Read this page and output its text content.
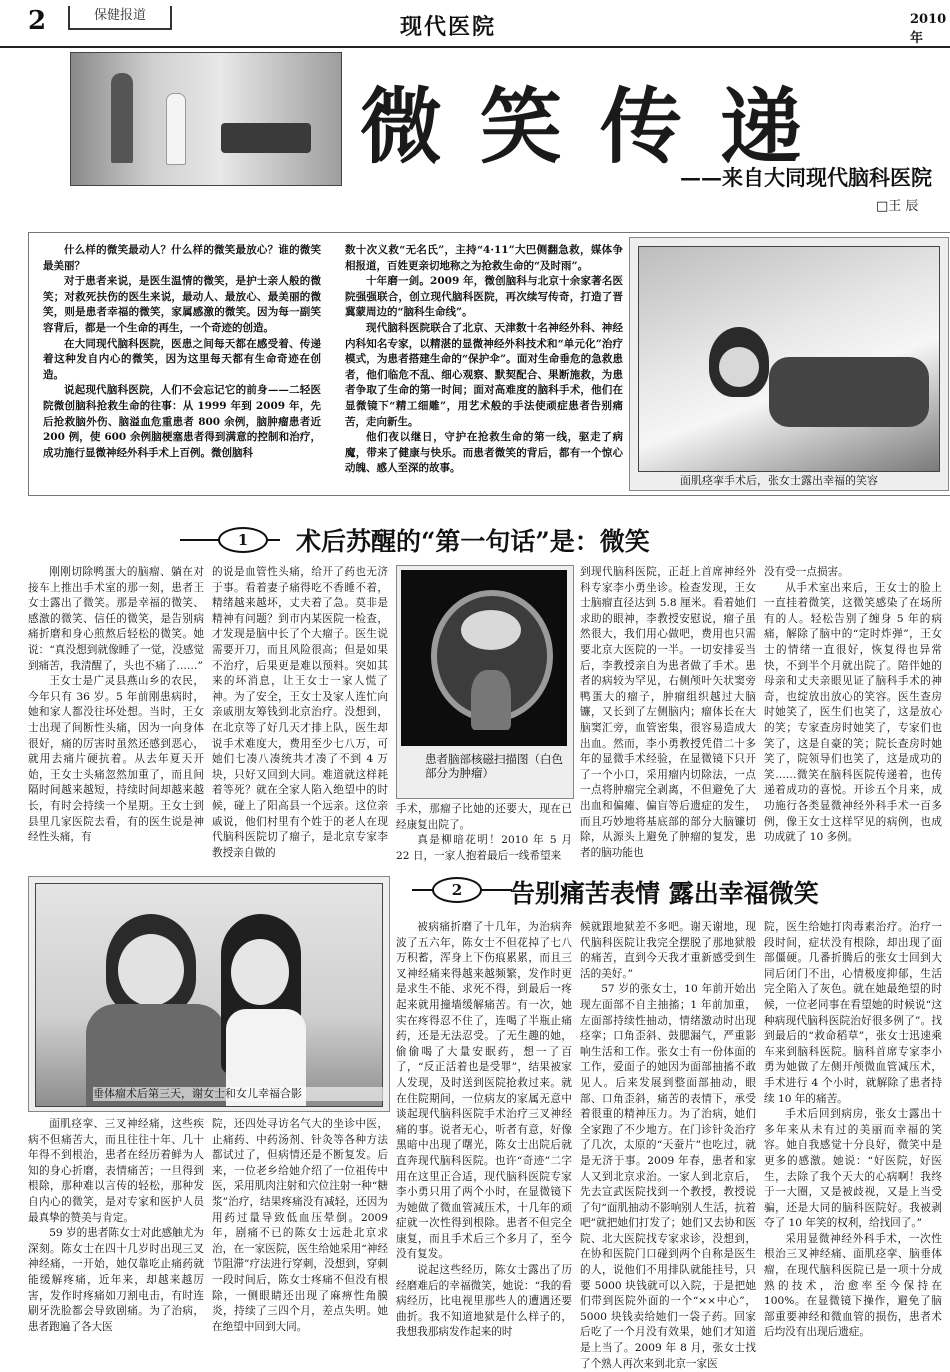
2	保健报道	现代医院	2010 年
微笑传递
——来自大同现代脑科医院
□王 辰

什么样的微笑最动人？什么样的微笑最放心？谁的微笑最美丽？

对于患者来说，是医生温情的微笑，是护士亲人般的微笑；对救死扶伤的医生来说，最动人、最放心、最美丽的微笑，则是患者幸福的微笑，家属感激的微笑。因为每一副笑容背后，都是一个生命的再生，一个奇迹的创造。

在大同现代脑科医院，医患之间每天都在感受着、传递着这种发自内心的微笑，因为这里每天都有生命奇迹在创造。

说起现代脑科医院，人们不会忘记它的前身——二轻医院微创脑科抢救生命的往事：从 1999 年到 2009 年，先后抢救脑外伤、脑溢血危重患者 800 余例，脑肿瘤患者近 200 例，使 600 余例脑梗塞患者得到满意的控制和治疗，成功施行显微神经外科手术上百例。微创脑科

数十次义救“无名氏”，主持“4·11”大巴侧翻急救，媒体争相报道，百姓更亲切地称之为抢救生命的“及时雨”。

十年磨一剑。2009 年，微创脑科与北京十余家著名医院强强联合，创立现代脑科医院，再次续写传奇，打造了晋冀蒙周边的“脑科生命线”。

现代脑科医院联合了北京、天津数十名神经外科、神经内科知名专家，以精湛的显微神经外科技术和“单元化”治疗模式，为患者搭建生命的“保护伞”。面对生命垂危的急救患者，他们临危不乱、细心观察、默契配合、果断施救，为患者争取了生命的第一时间；面对高难度的脑科手术，他们在显微镜下“精工细雕”，用艺术般的手法使顽症患者告别痛苦，走向新生。

他们夜以继日，守护在抢救生命的第一线，驱走了病魔，带来了健康与快乐。而患者微笑的背后，都有一个惊心动魄、感人至深的故事。

面肌痉挛手术后，张女士露出幸福的笑容
1	术后苏醒的“第一句话”是：微笑

刚刚切除鸭蛋大的脑瘤、躺在对接车上推出手术室的那一刻，患者王女士露出了微笑。那是幸福的微笑、感激的微笑、信任的微笑，是告别病痛折磨和身心煎熬后轻松的微笑。她说：“真没想到就像睡了一觉，没感觉到痛苦，我清醒了，头也不痛了……”

王女士是广灵县燕山乡的农民，今年只有 36 岁。5 年前刚患病时，她和家人都没往坏处想。当时，王女士出现了间断性头痛，因为一向身体很好，痛的厉害时虽然还感到恶心，就用去痛片硬抗着。从去年夏天开始，王女士头痛忽然加重了，而且间隔时间越来越短，持续时间却越来越长，有时会持续一个星期。王女士到县里几家医院去看，有的医生说是神经性头痛，有

的说是血管性头痛，给开了药也无济于事。看着妻子痛得吃不香睡不着，精绪越来越坏，丈夫着了急。莫非是精神有问题？到市内某医院一检查，才发现是脑中长了个大瘤子。医生说需要开刀，而且风险很高；但是如果不治疗，后果更是难以预料。突如其来的坏消息，让王女士一家人慌了神。为了安全，王女士及家人连忙向亲戚朋友筹钱到北京治疗。没想到，在北京等了好几天才排上队，医生却说手术难度大，费用至少七八万，可她们七凑八凑统共才凑了不到 4 万块，只好又回到大同。难道就这样耗着等死？就在全家人陷入绝望中的时候，碰上了阳高县一个远亲。这位亲戚说，他们村里有个姓于的老人在现代脑科医院切了瘤子，是北京专家李教授亲自做的

患者脑部核磁扫描图（白色部分为肿瘤）

手术，那瘤子比她的还要大，现在已经康复出院了。

真是柳暗花明！2010 年 5 月 22 日，一家人抱着最后一线希望来

到现代脑科医院，正赶上首席神经外科专家李小勇坐诊。检查发现，王女士脑瘤直径达到 5.8 厘米。看着她们求助的眼神，李教授安慰说，瘤子虽然很大，我们用心做吧，费用也只需要北京大医院的一半。一切安排妥当后，李教授亲自为患者做了手术。患者的病较为罕见，右侧颅叶矢状窦旁鸭蛋大的瘤子，肿瘤组织越过大脑镰，又长到了左侧脑内；瘤体长在大脑窦汇旁，血管密集，很容易造成大出血。然而，李小勇教授凭借二十多年的显微手术经验，在显微镜下只开了一个小口，采用瘤内切除法，一点一点将肿瘤完全剥离，不但避免了大出血和偏瘫、偏盲等后遗症的发生，而且巧妙地将基底部的部分大脑镰切除，从源头上避免了肿瘤的复发，患者的脑功能也

没有受一点损害。

从手术室出来后，王女士的脸上一直挂着微笑，这微笑感染了在场所有的人。轻松告别了缠身 5 年的病痛，解除了脑中的“定时炸弹”，王女士的情绪一直很好，恢复得也异常快，不到半个月就出院了。陪伴她的母亲和丈夫亲眼见证了脑科手术的神奇，也绽放出放心的笑容。医生查房时她笑了，医生们也笑了，这是放心的笑；专家查房时她笑了，专家们也笑了，这是自豪的笑；院长查房时她笑了，院领导们也笑了，这是成功的笑……微笑在脑科医院传递着，也传递着成功的喜悦。开诊五个月来，成功施行各类显微神经外科手术一百多例，像王女士这样罕见的病例，也成功成就了 10 多例。

垂体瘤术后第三天，谢女士和女儿幸福合影
2	告别痛苦表情 露出幸福微笑

面肌痉挛、三叉神经痛，这些疾病不但痛苦大，而且往往十年、几十年得不到根治，患者在经历着鲜为人知的身心折磨，表情痛苦；一旦得到根除，那种难以言传的轻松，那种发自内心的微笑，是对专家和医护人员最真挚的赞美与肯定。

59 岁的患者陈女士对此感触尤为深刻。陈女士在四十几岁时出现三叉神经痛，一开始，她仅靠吃止痛药就能缓解疼痛，近年来，却越来越厉害，发作时疼痛如刀割电击，有时连刷牙洗脸都会导致剧痛。为了治病，患者跑遍了各大医

院，还四处寻访名气大的坐诊中医，止痛药、中药汤剂、针灸等各种方法都试过了，但病情还是不断复发。后来，一位老乡给她介绍了一位祖传中医，采用肌肉注射和穴位注射一种“糖浆”治疗，结果疼痛没有减轻，还因为用药过量导致低血压晕倒。2009 年，剧痛不已的陈女士远赴北京求治，在一家医院，医生给她采用“神经节阻滞”疗法进行穿刺，没想到，穿刺一段时间后，陈女士疼痛不但没有根除，一侧眼睛还出现了麻痹性角膜炎，持续了三四个月，差点失明。她在绝望中回到大同。

被病痛折磨了十几年，为治病奔波了五六年，陈女士不但花掉了七八万积蓄，浑身上下伤痕累累，而且三叉神经痛来得越来越频繁，发作时更是求生不能、求死不得，到最后一疼起来就用撞墙缓解痛苦。有一次，她实在疼得忍不住了，连喝了半瓶止痛药，还是无法忍受。了无生趣的她，偷偷喝了大量安眠药，想一了百了，“反正活着也是受罪”，结果被家人发现，及时送到医院抢救过来。就在住院期间，一位病友的家属无意中谈起现代脑科医院手术治疗三叉神经痛的事。说者无心，听者有意，好像黑暗中出现了曙光，陈女士出院后就直奔现代脑科医院。也许“奇迹”二字用在这里正合适，现代脑科医院专家李小勇只用了两个小时，在显微镜下为她做了微血管减压术，十几年的顽症就一次性得到根除。患者不但完全康复，而且手术后三个多月了，至今没有复发。

说起这些经历，陈女士露出了历经磨难后的幸福微笑，她说：“我的看病经历，比电视里那些人的遭遇还要曲折。我不知道地狱是什么样子的，我想我那病发作起来的时

候就跟地狱差不多吧。谢天谢地，现代脑科医院让我完全摆脱了那地狱般的痛苦，直到今天我才重新感受到生活的美好。”

57 岁的张女士，10 年前开始出现左面部不自主抽搐；1 年前加重，左面部持续性抽动，情绪激动时出现痉挛；口角歪斜、鼓腮漏气，严重影响生活和工作。张女士有一份体面的工作，爱面子的她因为面部抽搐不敢见人。后来发展到整面部抽动，眼部、口角歪斜，痛苦的表情下，承受着很重的精神压力。为了治病，她们全家跑了不少地方。在门诊针灸治疗了几次，太原的“天蚕片”也吃过，就是无济于事。2009 年春，患者和家人又到北京求治。一家人到北京后，先去宣武医院找到一个教授，教授说了句“面肌抽动不影响别人生活，抗着吧”就把她们打发了；她们又去协和医院、北大医院找专家求诊，没想到，在协和医院门口碰到两个自称是医生的人，说他们不用排队就能挂号，只要 5000 块钱就可以入院，于是把她们带到医院外面的一个“××中心”，5000 块钱卖给她们一袋子药。回家后吃了一个月没有效果，她们才知道是上当了。2009 年 8 月，张女士找了个熟人再次来到北京一家医

院，医生给她打肉毒素治疗。治疗一段时间，症状没有根除，却出现了面部僵硬。几番折腾后的张女士回到大同后闭门不出，心情极度抑郁，生活完全陷入了灰色。就在她最绝望的时候，一位老同事在看望她的时候说“这种病现代脑科医院治好很多例了”。找到最后的“救命稻草”，张女士迅速乘车来到脑科医院。脑科首席专家李小勇为她做了左侧开颅微血管减压术，手术进行 4 个小时，就解除了患者持续 10 年的痛苦。

手术后回到病房，张女士露出十多年来从未有过的美丽而幸福的笑容。她自我感觉十分良好，微笑中是更多的感激。她说：“好医院，好医生，去除了我个天大的心病啊！我终于一大圈，又是被歧视，又是上当受骗，还是大同的脑科医院好。我被剥夺了 10 年笑的权利，给找回了。”

采用显微神经外科手术，一次性根治三叉神经痛、面肌痉挛、脑垂体瘤，在现代脑科医院已是一项十分成熟的技术，治愈率至今保持在 100%。在显微镜下操作，避免了脑部重要神经和微血管的损伤，患者术后均没有出现后遗症。
